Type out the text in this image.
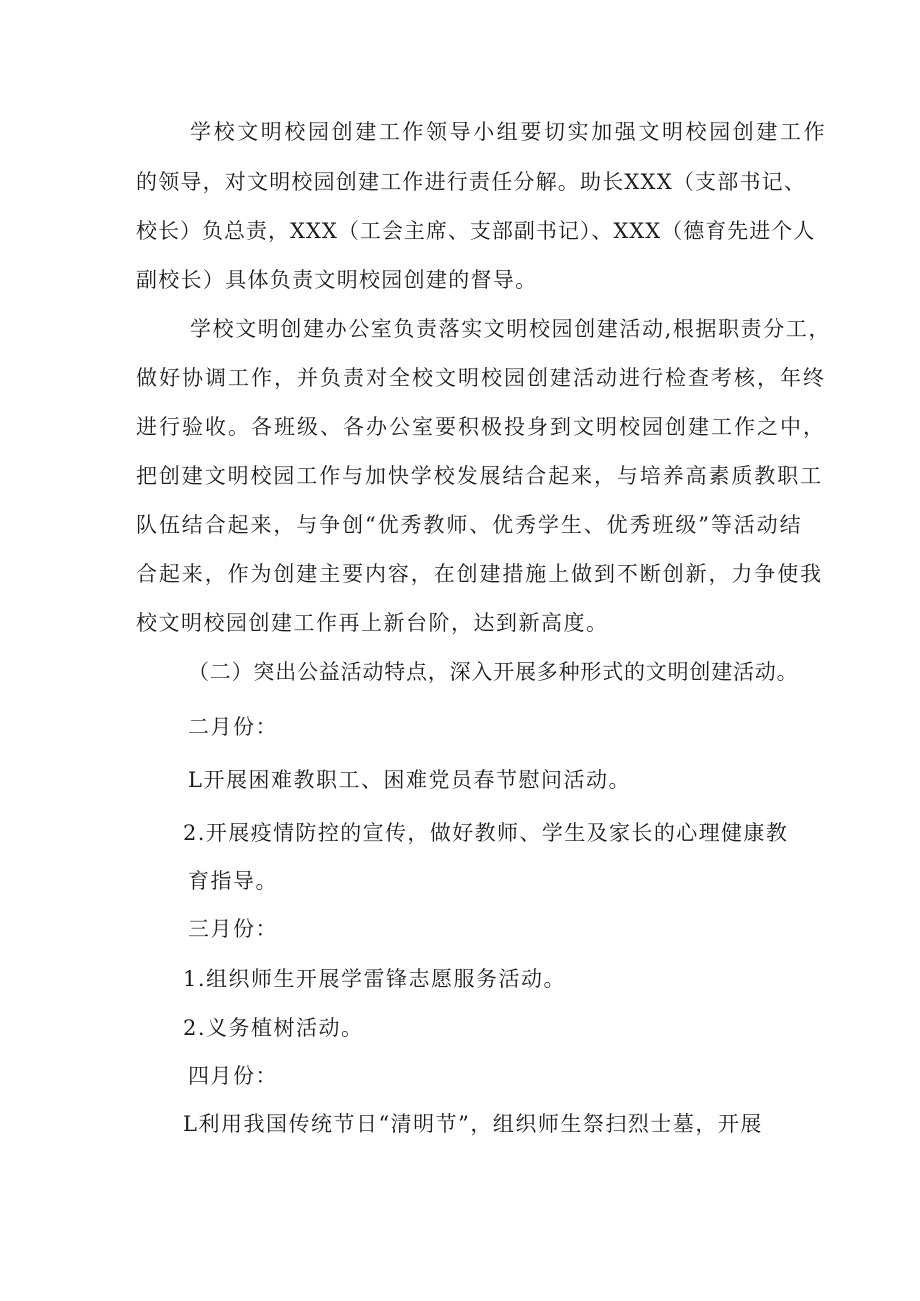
学校文明校园创建工作领导小组要切实加强文明校园创建工作
的领导，对文明校园创建工作进行责任分解。助长XXX（支部书记、
校长）负总责，XXX（工会主席、支部副书记）、XXX（德育先进个人
副校长）具体负责文明校园创建的督导。
学校文明创建办公室负责落实文明校园创建活动,根据职责分工，
做好协调工作，并负责对全校文明校园创建活动进行检查考核，年终
进行验收。各班级、各办公室要积极投身到文明校园创建工作之中，
把创建文明校园工作与加快学校发展结合起来，与培养高素质教职工
队伍结合起来，与争创“优秀教师、优秀学生、优秀班级”等活动结
合起来，作为创建主要内容，在创建措施上做到不断创新，力争使我
校文明校园创建工作再上新台阶，达到新高度。
（二）突出公益活动特点，深入开展多种形式的文明创建活动。
二月份：
L开展困难教职工、困难党员春节慰问活动。
2.开展疫情防控的宣传，做好教师、学生及家长的心理健康教
育指导。
三月份：
1.组织师生开展学雷锋志愿服务活动。
2.义务植树活动。
四月份：
L利用我国传统节日“清明节”，组织师生祭扫烈士墓，开展
